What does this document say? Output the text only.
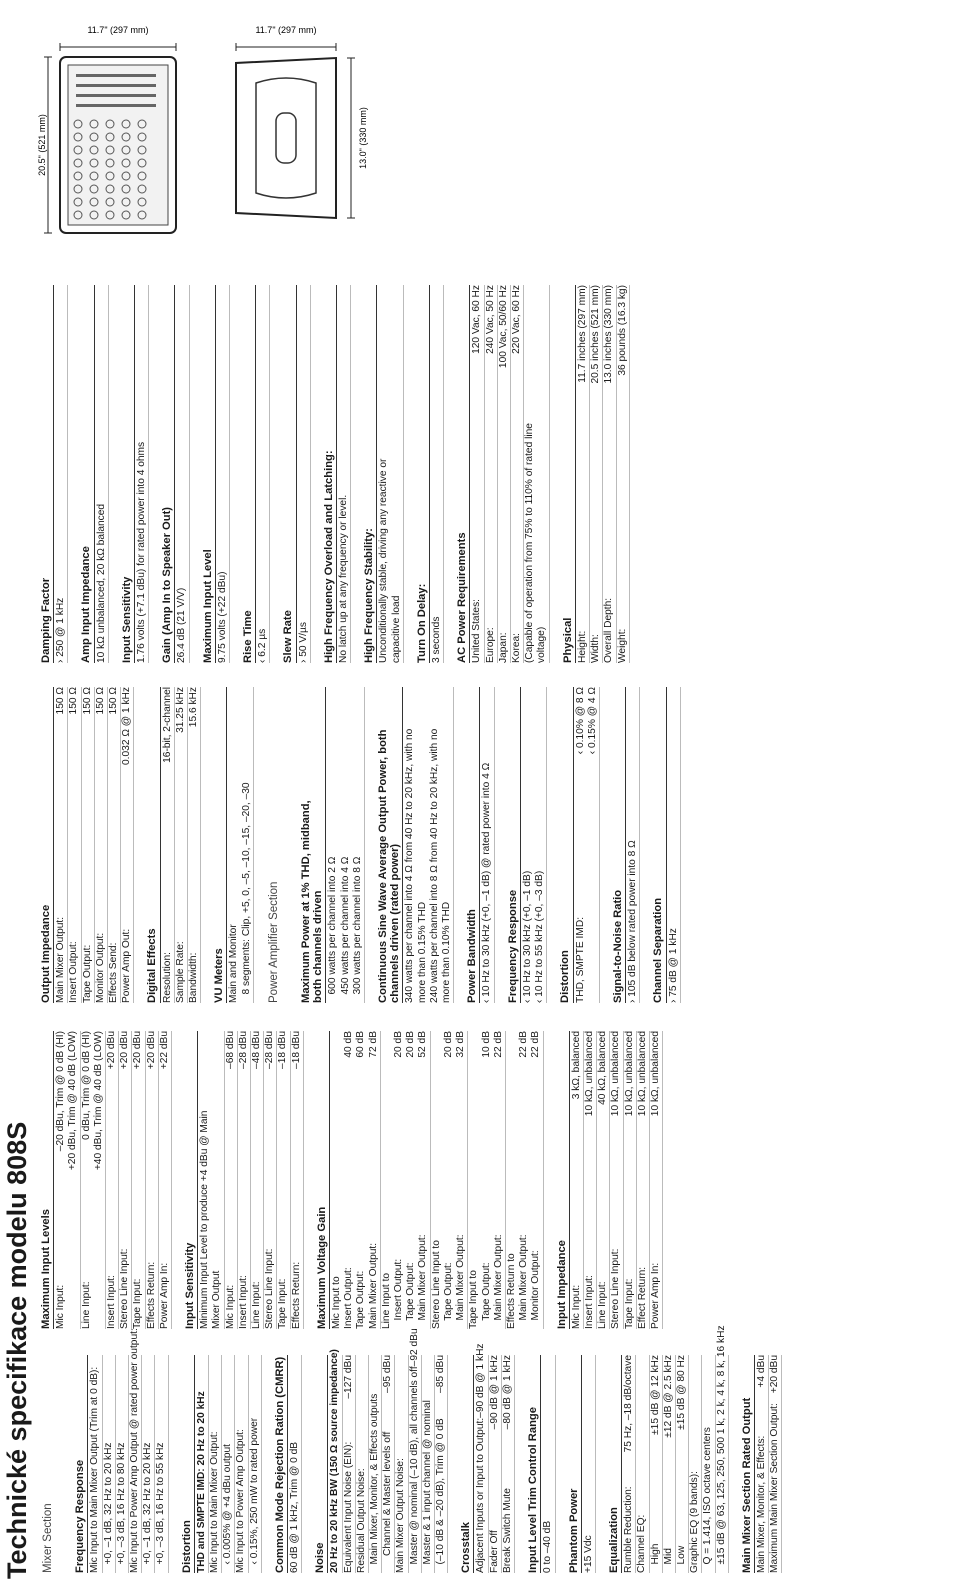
Technické specifikace modelu 808S Mixer Section Frequency Response Mic Input to Main Mixer Output (Trim at 0 dB): +0, –1 dB, 32 Hz to 20 kHz +0, –3 dB, 16 Hz to 80 kHz Mic Input to Power Amp Output @ rated power output: +0, –1 dB, 32 Hz to 20 kHz +0, –3 dB, 16 Hz to 55 kHz Distortion THD and SMPTE IMD: 20 Hz to 20 kHz Mic Input to Main Mixer Output: ‹ 0.005% @ +4 dBu output Mic Input to Power Amp Output: ‹ 0.15%, 250 mW to rated power Common Mode Rejection Ration (CMRR) 60 dB @ 1 kHz, Trim @ 0 dB Noise 20 Hz to 20 kHz BW (150 Ω source impedance) Equivalent Input Noise (EIN):
–127 dBu
Residual Output Noise: Main Mixer, Monitor, & Effects outputs Channel & Master levels off
–95 dBu
Main Mixer Output Noise: Master @ nominal (–10 dB), all channels off
–92 dBu
Master & 1 input channel @ nominal (–10 dB & –20 dB), Trim @ 0 dB
–85 dBu
Crosstalk Adjacent Inputs or Input to Output:
–90 dB @ 1 kHz
Fader Off
–90 dB @ 1 kHz
Break Switch Mute
–80 dB @ 1 kHz
Input Level Trim Control Range 0 to –40 dB Phantom Power +15 Vdc Equalization Rumble Reduction:
75 Hz, –18 dB/octave
Channel EQ: High
±15 dB @ 12 kHz
Mid
±12 dB @ 2.5 kHz
Low
±15 dB @ 80 Hz
Graphic EQ (9 bands): Q = 1.414, ISO octave centers ±15 dB @ 63, 125, 250, 500 1 k, 2 k, 4 k, 8 k, 16 kHz Main Mixer Section Rated Output Main Mixer, Monitor, & Effects:
+4 dBu
Maximum Main Mixer Section Output:
+20 dBu
Maximum Input Levels Mic Input:
–20 dBu, Trim @ 0 dB (HI)
+20 dBu, Trim @ 40 dB (LOW)
Line Input:
0 dBu, Trim @ 0 dB (HI)
+40 dBu, Trim @ 40 dB (LOW)
Insert Input:
+20 dBu
Stereo Line Input:
+20 dBu
Tape Input:
+20 dBu
Effects Return:
+20 dBu
Power Amp In:
+22 dBu
Input Sensitivity Minimum Input Level to produce +4 dBu @ Main
Mixer Output Mic Input:
–68 dBu
Insert Input:
–28 dBu
Line Input:
–48 dBu
Stereo Line Input:
–28 dBu
Tape Input:
–18 dBu
Effects Return:
–18 dBu
Maximum Voltage Gain Mic Input to
Insert Output:
Tape Output:
Main Mixer Output:

40 dB
60 dB
72 dB
Line Input to
Insert Output:
Tape Output:
Main Mixer Output:

20 dB
20 dB
52 dB
Stereo Line Input to
Tape Output:
Main Mixer Output:

20 dB
32 dB
Tape Input to
Tape Output:
Main Mixer Output:

10 dB
22 dB
Effects Return to
Main Mixer Output:
Monitor Output:

22 dB
22 dB
Input Impedance Mic Input:
3 kΩ, balanced
Insert Input:
10 kΩ, unbalanced
Line Input:
40 kΩ, balanced
Stereo Line Input:
10 kΩ, unbalanced
Tape Input:
10 kΩ, unbalanced
Effect Return:
10 kΩ, unbalanced
Power Amp In:
10 kΩ, unbalanced
Output Impedance Main Mixer Output:
150 Ω
Insert Output:
150 Ω
Tape Output:
150 Ω
Monitor Output:
150 Ω
Effects Send:
150 Ω
Power Amp Out:
0.032 Ω @ 1 kHz
Digital Effects Resolution:
16-bit, 2-channel
Sample Rate:
31.25 kHz
Bandwidth:
15.6 kHz
VU Meters Main and Monitor
8 segments: Clip, +5, 0, –5, –10, –15, –20, –30
Power Amplifier Section Maximum Power at 1% THD, midband,
both channels driven
600 watts per channel into 2 Ω
450 watts per channel into 4 Ω
300 watts per channel into 8 Ω
Continuous Sine Wave Average Output Power, both
channels driven (rated power)
340 watts per channel into 4 Ω from 40 Hz to 20 kHz, with no
more than 0.15% THD
240 watts per channel into 8 Ω from 40 Hz to 20 kHz, with no
more than 0.10% THD Power Bandwidth ‹ 10 Hz to 30 kHz (+0, –1 dB) @ rated power into 4 Ω Frequency Response ‹ 10 Hz to 30 kHz (+0, –1 dB)
‹ 10 Hz to 55 kHz (+0, –3 dB)
Distortion THD, SMPTE IMD:
‹ 0.10% @ 8 Ω
‹ 0.15% @ 4 Ω
Signal-to-Noise Ratio › 105 dB below rated power into 8 Ω Channel Separation › 75 dB @ 1 kHz
Damping Factor › 250 @ 1 kHz Amp Input Impedance 10 kΩ unbalanced, 20 kΩ balanced Input Sensitivity 1.76 volts (+7.1 dBu) for rated power into 4 ohms Gain (Amp In to Speaker Out) 26.4 dB (21 V/V) Maximum Input Level 9.75 volts (+22 dBu) Rise Time ‹ 6.2 µs Slew Rate › 50 V/µs High Frequency Overload and Latching: No latch up at any frequency or level. High Frequency Stability: Unconditionally stable, driving any reactive or
capacitive load Turn On Delay: 3 seconds AC Power Requirements United States:
120 Vac, 60 Hz
Europe:
240 Vac, 50 Hz
Japan:
100 Vac, 50/60 Hz
Korea:
220 Vac, 60 Hz
(Capable of operation from 75% to 110% of rated line
voltage) Physical Height:
11.7 inches (297 mm)
Width:
20.5 inches (521 mm)
Overall Depth:
13.0 inches (330 mm)
Weight:
36 pounds (16.3 kg)
20.5" (521 mm)
11.7" (297 mm)	11.7" (297 mm)
13.0" (330 mm)
